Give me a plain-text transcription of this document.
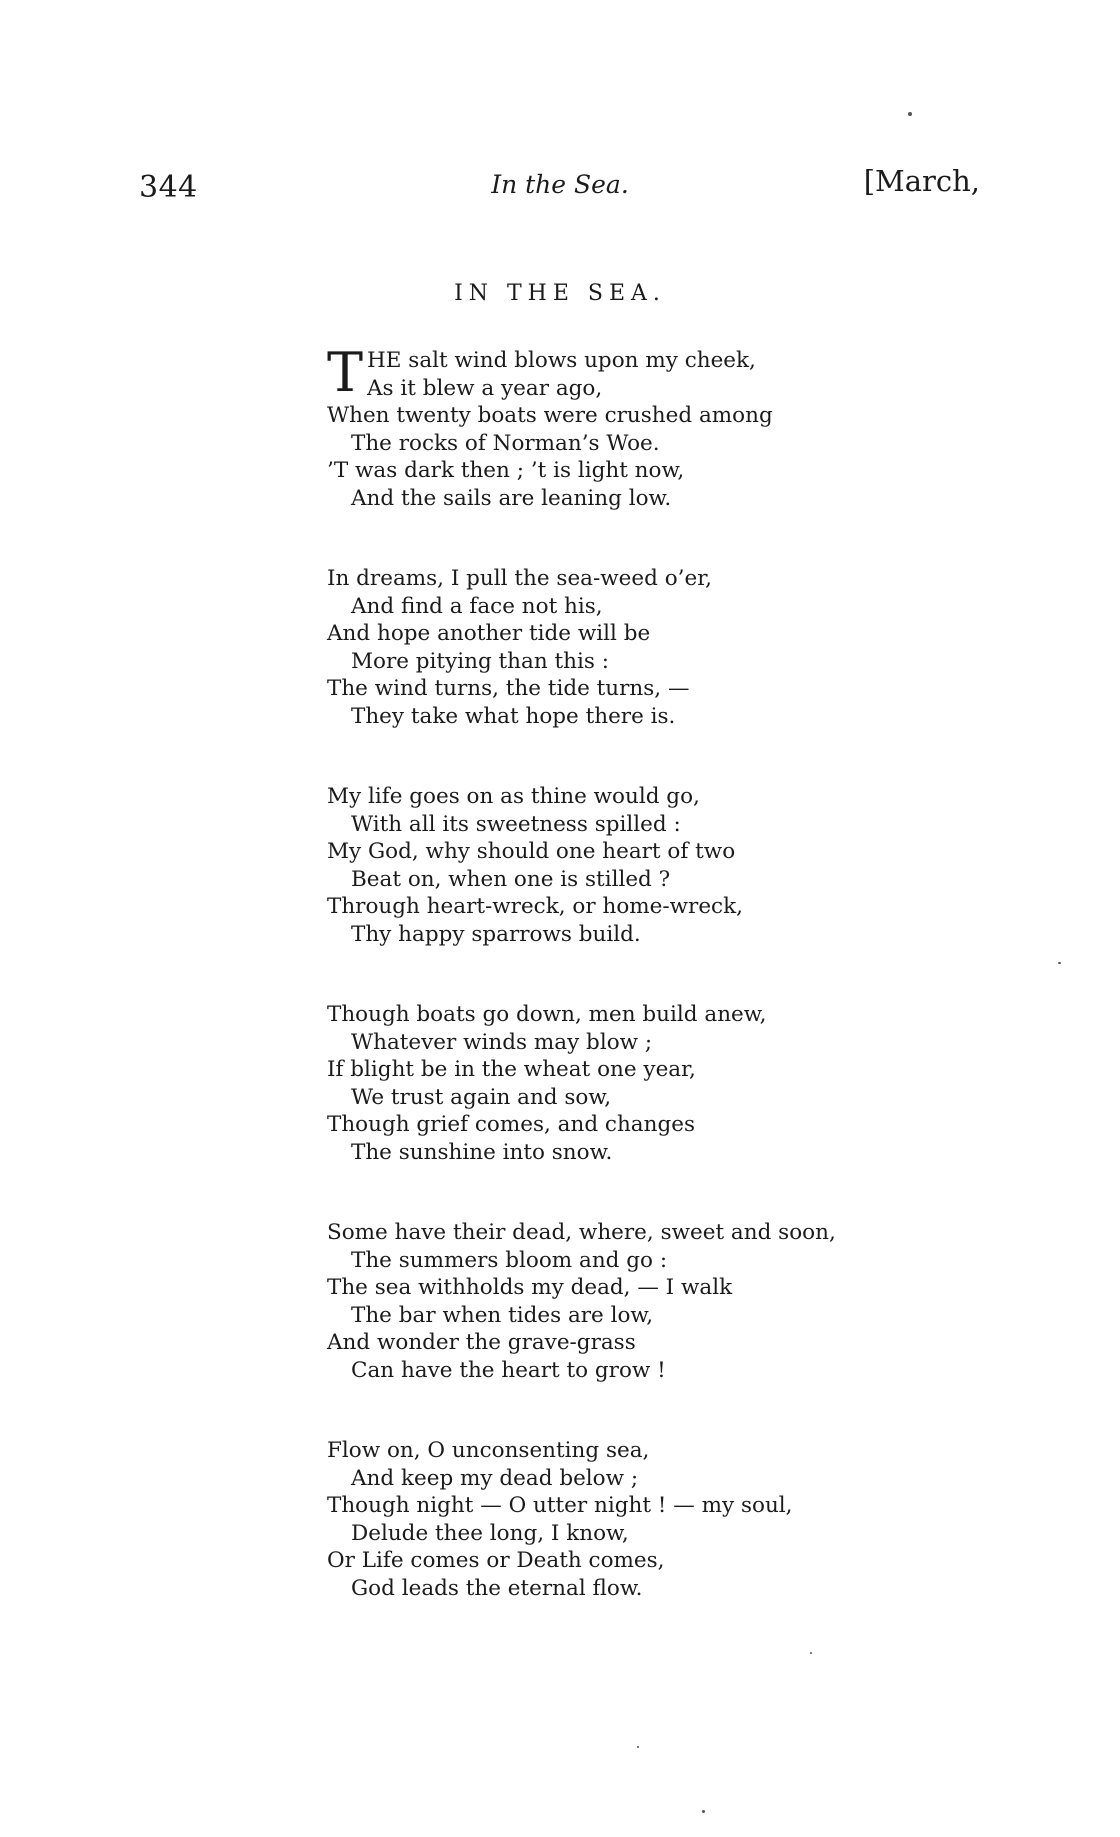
344	In the Sea.	[March,
IN THE SEA.
THE salt wind blows upon my cheek,
As it blew a year ago,
When twenty boats were crushed among
The rocks of Norman’s Woe.
’T was dark then ; ’t is light now,
And the sails are leaning low.
In dreams, I pull the sea-weed o’er,
And find a face not his,
And hope another tide will be
More pitying than this :
The wind turns, the tide turns, —
They take what hope there is.
My life goes on as thine would go,
With all its sweetness spilled :
My God, why should one heart of two
Beat on, when one is stilled ?
Through heart-wreck, or home-wreck,
Thy happy sparrows build.
Though boats go down, men build anew,
Whatever winds may blow ;
If blight be in the wheat one year,
We trust again and sow,
Though grief comes, and changes
The sunshine into snow.
Some have their dead, where, sweet and soon,
The summers bloom and go :
The sea withholds my dead, — I walk
The bar when tides are low,
And wonder the grave-grass
Can have the heart to grow !
Flow on, O unconsenting sea,
And keep my dead below ;
Though night — O utter night ! — my soul,
Delude thee long, I know,
Or Life comes or Death comes,
God leads the eternal flow.
